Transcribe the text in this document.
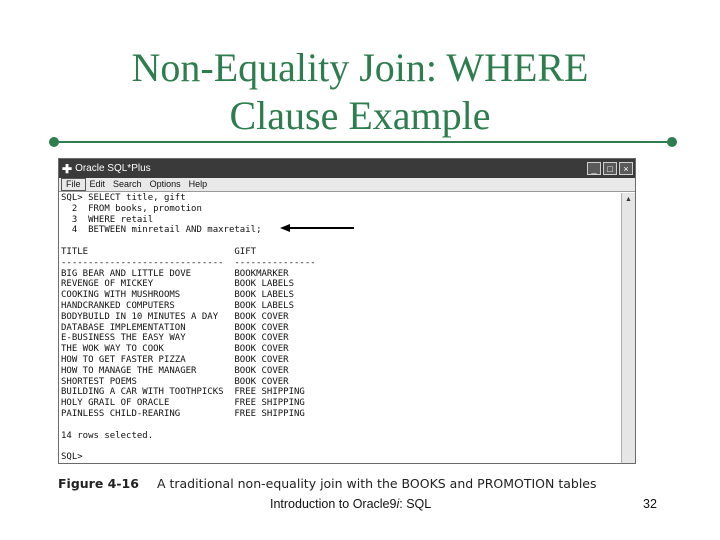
Non-Equality Join: WHERE
Clause Example
✚ Oracle SQL*Plus	_	□	×
File	Edit Search Options Help
SQL> SELECT title, gift
2  FROM books, promotion
3  WHERE retail
4  BETWEEN minretail AND maxretail;

TITLE                           GIFT
------------------------------  ---------------
BIG BEAR AND LITTLE DOVE        BOOKMARKER
REVENGE OF MICKEY               BOOK LABELS
COOKING WITH MUSHROOMS          BOOK LABELS
HANDCRANKED COMPUTERS           BOOK LABELS
BODYBUILD IN 10 MINUTES A DAY   BOOK COVER
DATABASE IMPLEMENTATION         BOOK COVER
E-BUSINESS THE EASY WAY         BOOK COVER
THE WOK WAY TO COOK             BOOK COVER
HOW TO GET FASTER PIZZA         BOOK COVER
HOW TO MANAGE THE MANAGER       BOOK COVER
SHORTEST POEMS                  BOOK COVER
BUILDING A CAR WITH TOOTHPICKS  FREE SHIPPING
HOLY GRAIL OF ORACLE            FREE SHIPPING
PAINLESS CHILD-REARING          FREE SHIPPING

14 rows selected.

SQL>
▲
Figure 4-16 A traditional non-equality join with the BOOKS and PROMOTION tables
Introduction to Oracle9i: SQL	32
